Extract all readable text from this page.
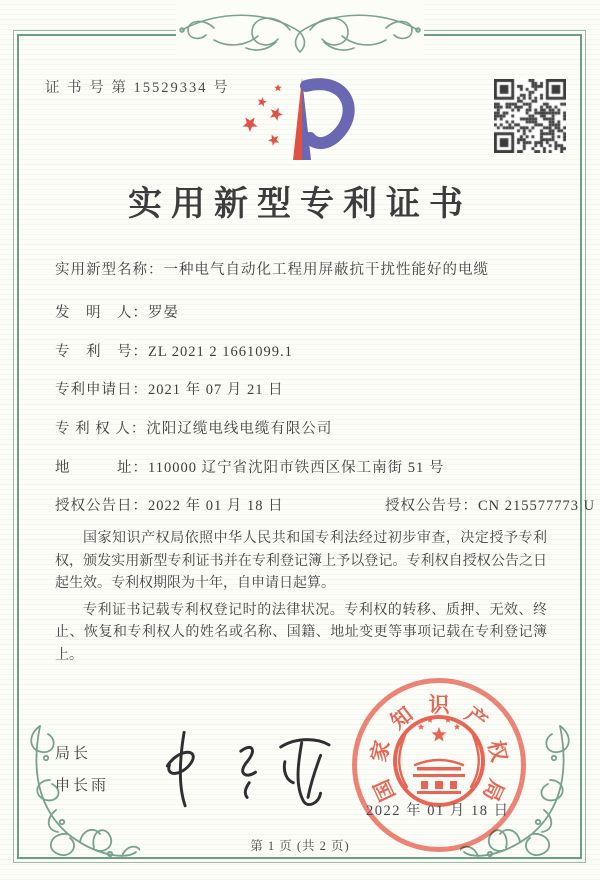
证 书 号 第 15529334 号
实用新型专利证书
实用新型名称：一种电气自动化工程用屏蔽抗干扰性能好的电缆
发　明　人：罗晏
专　利　号：ZL 2021 2 1661099.1
专利申请日：2021 年 07 月 21 日
专 利 权 人：沈阳辽缆电线电缆有限公司
地　　　址：110000 辽宁省沈阳市铁西区保工南街 51 号
授权公告日：2022 年 01 月 18 日	授权公告号：CN 215577773 U

国家知识产权局依照中华人民共和国专利法经过初步审查，决定授予专利权，颁发实用新型专利证书并在专利登记簿上予以登记。专利权自授权公告之日起生效。专利权期限为十年，自申请日起算。

专利证书记载专利权登记时的法律状况。专利权的转移、质押、无效、终止、恢复和专利权人的姓名或名称、国籍、地址变更等事项记载在专利登记簿上。

局长
申长雨	国
家
知 识 产
权
局
2022 年 01 月 18 日
第 1 页 (共 2 页)
